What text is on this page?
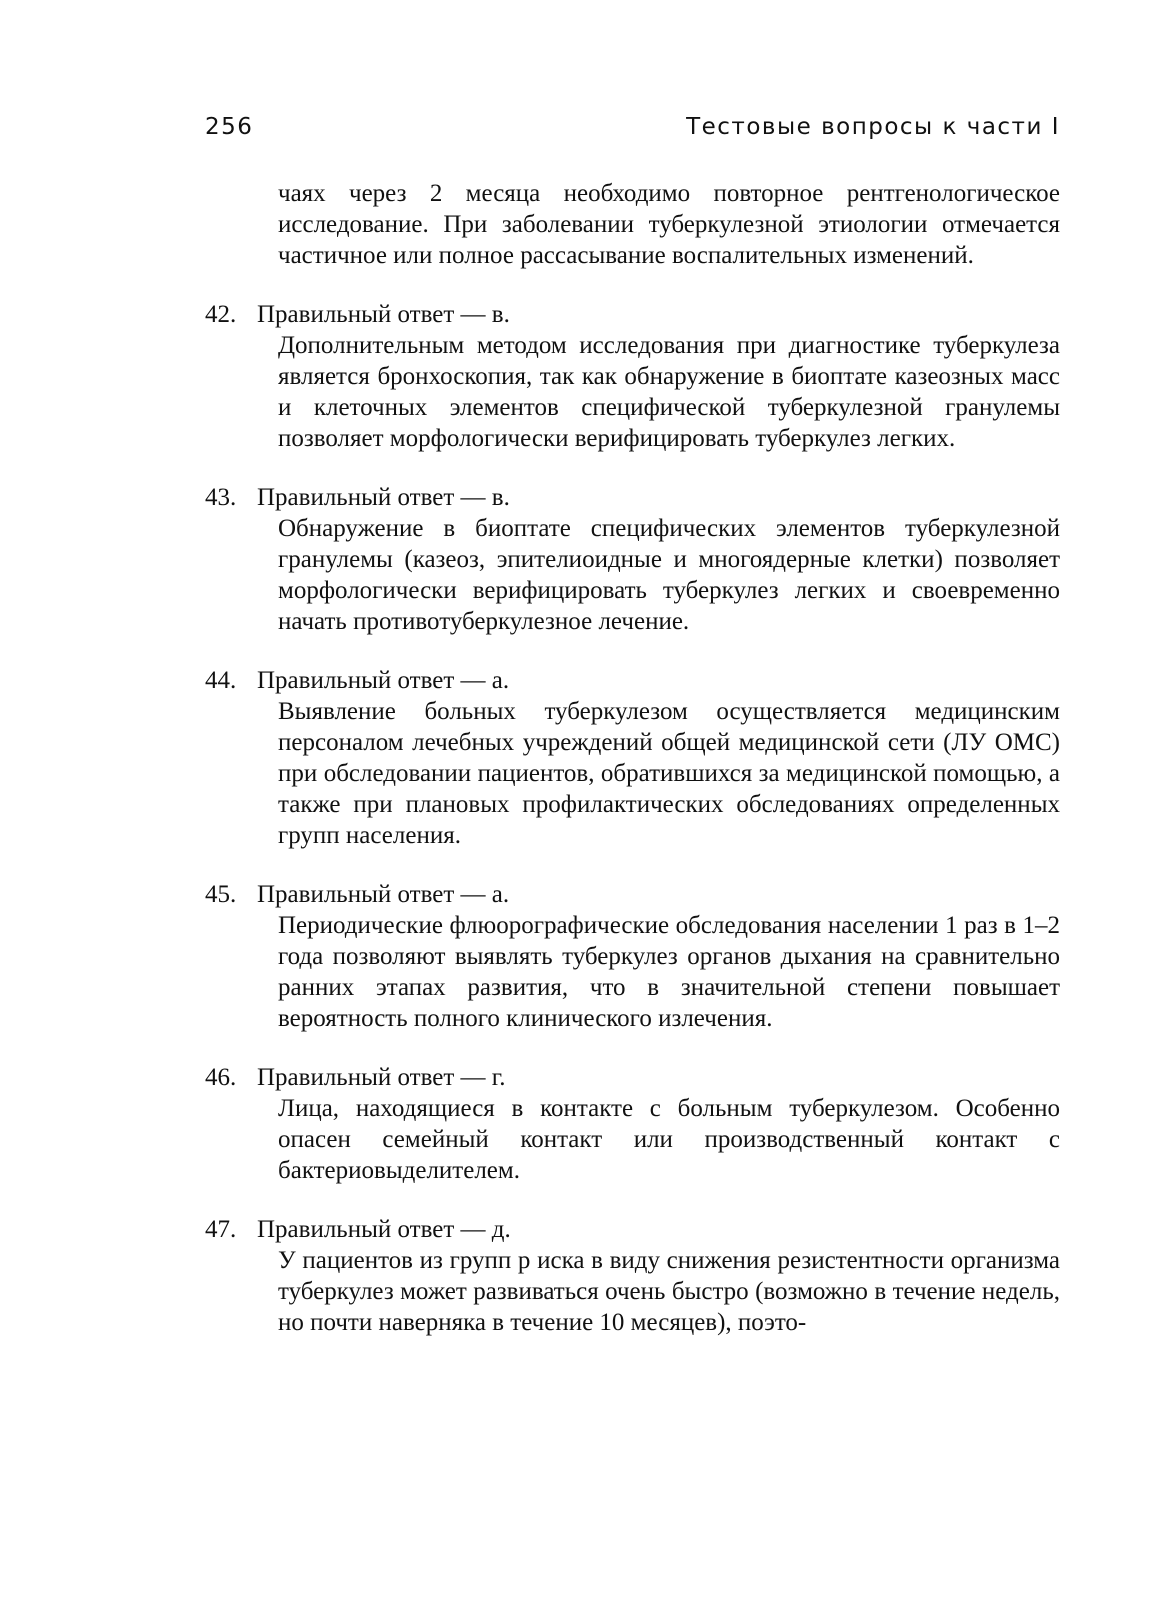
256	Тестовые вопросы к части I

чаях через 2 месяца необходимо повторное рентгенологическое исследование. При заболевании туберкулезной этиологии отмечается частичное или полное рассасывание воспалительных изменений.

42. Правильный ответ — в.

Дополнительным методом исследования при диагностике туберкулеза является бронхоскопия, так как обнаружение в биоптате казеозных масс и клеточных элементов специфической туберкулезной гранулемы позволяет морфологически верифицировать туберкулез легких.

43. Правильный ответ — в.

Обнаружение в биоптате специфических элементов туберкулезной гранулемы (казеоз, эпителиоидные и многоядерные клетки) позволяет морфологически верифицировать туберкулез легких и своевременно начать противотуберкулезное лечение.

44. Правильный ответ — а.

Выявление больных туберкулезом осуществляется медицинским персоналом лечебных учреждений общей медицинской сети (ЛУ ОМС) при обследовании пациентов, обратившихся за медицинской помощью, а также при плановых профилактических обследованиях определенных групп населения.

45. Правильный ответ — а.

Периодические флюорографические обследования населении 1 раз в 1–2 года позволяют выявлять туберкулез органов дыхания на сравнительно ранних этапах развития, что в значительной степени повышает вероятность полного клинического излечения.

46. Правильный ответ — г.

Лица, находящиеся в контакте с больным туберкулезом. Особенно опасен семейный контакт или производственный контакт с бактериовыделителем.

47. Правильный ответ — д.

У пациентов из групп р иска в виду снижения резистентности организма туберкулез может развиваться очень быстро (возможно в течение недель, но почти наверняка в течение 10 месяцев), поэто-
